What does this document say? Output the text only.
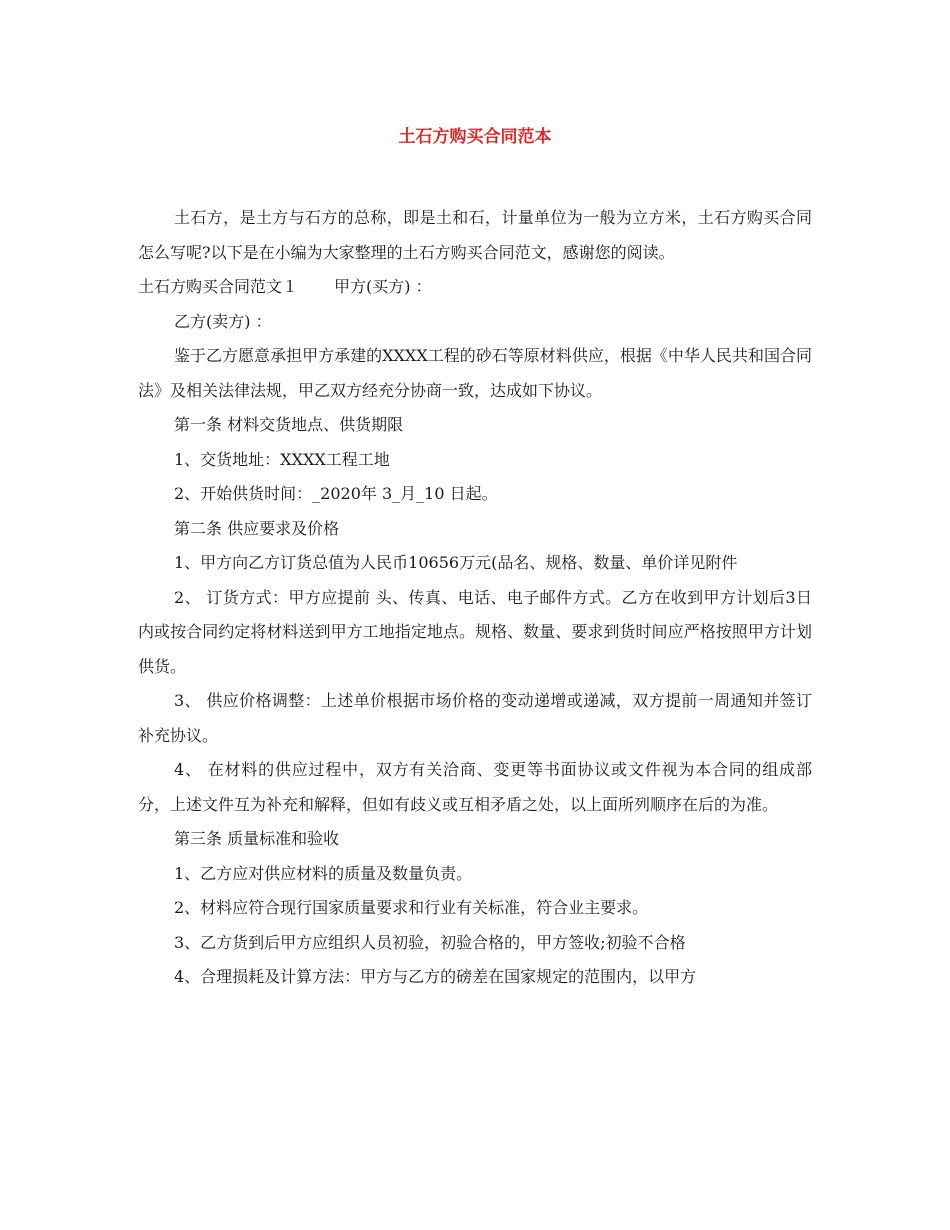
土石方购买合同范本

土石方，是土方与石方的总称，即是土和石，计量单位为一般为立方米，土石方购买合同怎么写呢?以下是在小编为大家整理的土石方购买合同范文，感谢您的阅读。

土石方购买合同范文１ 甲方(买方) ：

乙方(卖方) ：

鉴于乙方愿意承担甲方承建的XXXX工程的砂石等原材料供应，根据《中华人民共和国合同法》及相关法律法规，甲乙双方经充分协商一致，达成如下协议。

第一条 材料交货地点、供货期限

1、交货地址：XXXX工程工地

2、开始供货时间：_2020年 3_月_10 日起。

第二条 供应要求及价格

1、甲方向乙方订货总值为人民币10656万元(品名、规格、数量、单价详见附件

2、 订货方式：甲方应提前 头、传真、电话、电子邮件方式。乙方在收到甲方计划后3日内或按合同约定将材料送到甲方工地指定地点。规格、数量、要求到货时间应严格按照甲方计划供货。

3、 供应价格调整：上述单价根据市场价格的变动递增或递减，双方提前一周通知并签订补充协议。

4、 在材料的供应过程中，双方有关洽商、变更等书面协议或文件视为本合同的组成部分，上述文件互为补充和解释，但如有歧义或互相矛盾之处，以上面所列顺序在后的为准。

第三条 质量标准和验收

1、乙方应对供应材料的质量及数量负责。

2、材料应符合现行国家质量要求和行业有关标准，符合业主要求。

3、乙方货到后甲方应组织人员初验，初验合格的，甲方签收;初验不合格

4、合理损耗及计算方法：甲方与乙方的磅差在国家规定的范围内，以甲方
